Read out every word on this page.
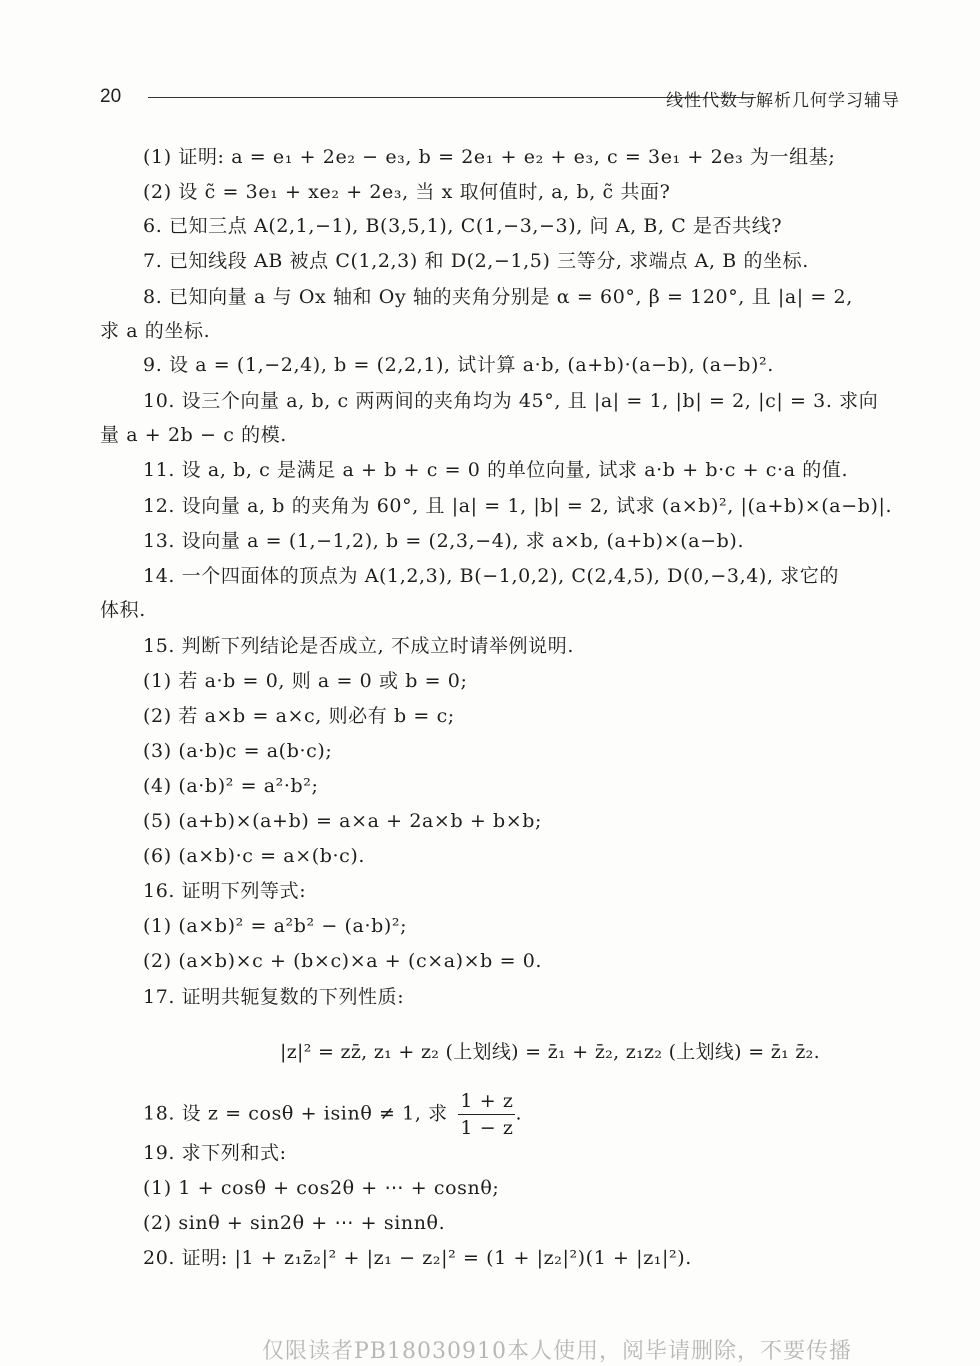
20	线性代数与解析几何学习辅导
(1) 证明: a = e₁ + 2e₂ − e₃, b = 2e₁ + e₂ + e₃, c = 3e₁ + 2e₃ 为一组基;
(2) 设 c̃ = 3e₁ + xe₂ + 2e₃, 当 x 取何值时, a, b, c̃ 共面?
6. 已知三点 A(2,1,−1), B(3,5,1), C(1,−3,−3), 问 A, B, C 是否共线?
7. 已知线段 AB 被点 C(1,2,3) 和 D(2,−1,5) 三等分, 求端点 A, B 的坐标.
8. 已知向量 a 与 Ox 轴和 Oy 轴的夹角分别是 α = 60°, β = 120°, 且 |a| = 2,
求 a 的坐标.
9. 设 a = (1,−2,4), b = (2,2,1), 试计算 a·b, (a+b)·(a−b), (a−b)².
10. 设三个向量 a, b, c 两两间的夹角均为 45°, 且 |a| = 1, |b| = 2, |c| = 3. 求向
量 a + 2b − c 的模.
11. 设 a, b, c 是满足 a + b + c = 0 的单位向量, 试求 a·b + b·c + c·a 的值.
12. 设向量 a, b 的夹角为 60°, 且 |a| = 1, |b| = 2, 试求 (a×b)², |(a+b)×(a−b)|.
13. 设向量 a = (1,−1,2), b = (2,3,−4), 求 a×b, (a+b)×(a−b).
14. 一个四面体的顶点为 A(1,2,3), B(−1,0,2), C(2,4,5), D(0,−3,4), 求它的
体积.
15. 判断下列结论是否成立, 不成立时请举例说明.
(1) 若 a·b = 0, 则 a = 0 或 b = 0;
(2) 若 a×b = a×c, 则必有 b = c;
(3) (a·b)c = a(b·c);
(4) (a·b)² = a²·b²;
(5) (a+b)×(a+b) = a×a + 2a×b + b×b;
(6) (a×b)·c = a×(b·c).
16. 证明下列等式:
(1) (a×b)² = a²b² − (a·b)²;
(2) (a×b)×c + (b×c)×a + (c×a)×b = 0.
17. 证明共轭复数的下列性质:
|z|² = zz̄, z₁ + z₂ (上划线) = z̄₁ + z̄₂, z₁z₂ (上划线) = z̄₁ z̄₂.
18. 设 z = cosθ + isinθ ≠ 1, 求 $\frac{1 + z}{1 - z}$ .
19. 求下列和式:
(1) 1 + cosθ + cos2θ + ⋯ + cosnθ;
(2) sinθ + sin2θ + ⋯ + sinnθ.
20. 证明: |1 + z₁z̄₂|² + |z₁ − z₂|² = (1 + |z₂|²)(1 + |z₁|²).
仅限读者PB18030910本人使用，阅毕请删除，不要传播
